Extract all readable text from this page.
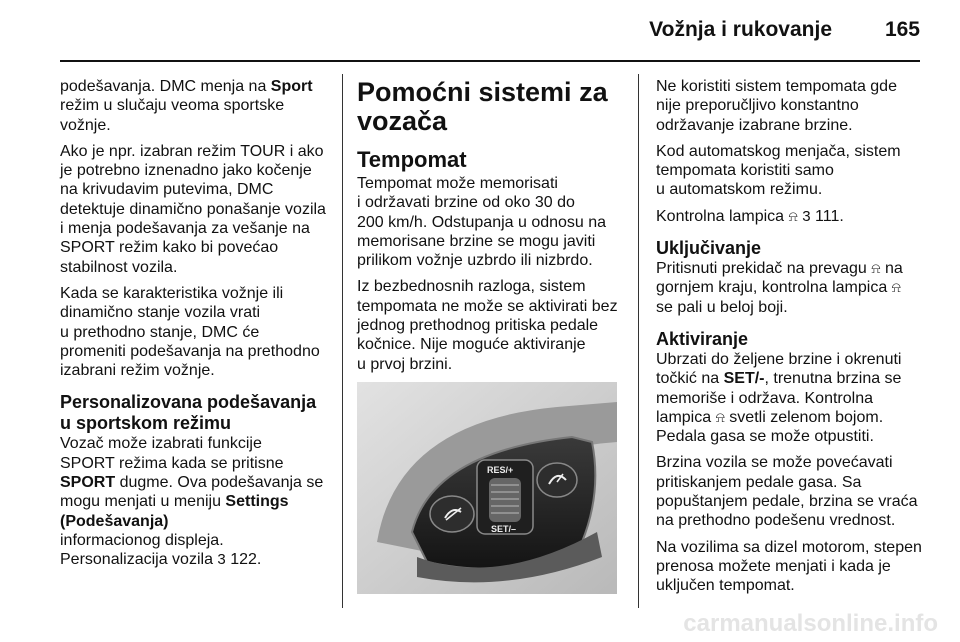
Vožnja i rukovanje	165

podešavanja. DMC menja na Sport
režim u slučaju veoma sportske
vožnje.

Ako je npr. izabran režim TOUR i ako
je potrebno iznenadno jako kočenje
na krivudavim putevima, DMC
detektuje dinamično ponašanje vozila
i menja podešavanja za vešanje na
SPORT režim kako bi povećao
stabilnost vozila.

Kada se karakteristika vožnje ili
dinamično stanje vozila vrati
u prethodno stanje, DMC će
promeniti podešavanja na prethodno
izabrani režim vožnje.

Personalizovana podešavanja
u sportskom režimu

Vozač može izabrati funkcije
SPORT režima kada se pritisne
SPORT dugme. Ova podešavanja se
mogu menjati u meniju Settings
(Podešavanja)
informacionog displeja.
Personalizacija vozila 3 122.

Pomoćni sistemi za
vozača
Tempomat

Tempomat može memorisati
i održavati brzine od oko 30 do
200 km/h. Odstupanja u odnosu na
memorisane brzine se mogu javiti
prilikom vožnje uzbrdo ili nizbrdo.

Iz bezbednosnih razloga, sistem
tempomata ne može se aktivirati bez
jednog prethodnog pritiska pedale
kočnice. Nije moguće aktiviranje
u prvoj brzini.

RES/+
SET/–

Ne koristiti sistem tempomata gde
nije preporučljivo konstantno
održavanje izabrane brzine.

Kod automatskog menjača, sistem
tempomata koristiti samo
u automatskom režimu.

Kontrolna lampica ⍾ 3 111.

Uključivanje

Pritisnuti prekidač na prevagu ⍾ na
gornjem kraju, kontrolna lampica ⍾
se pali u beloj boji.

Aktiviranje

Ubrzati do željene brzine i okrenuti
točkić na SET/-, trenutna brzina se
memoriše i održava. Kontrolna
lampica ⍾ svetli zelenom bojom.
Pedala gasa se može otpustiti.

Brzina vozila se može povećavati
pritiskanjem pedale gasa. Sa
popuštanjem pedale, brzina se vraća
na prethodno podešenu vrednost.

Na vozilima sa dizel motorom, stepen
prenosa možete menjati i kada je
uključen tempomat.

carmanualsonline.info
